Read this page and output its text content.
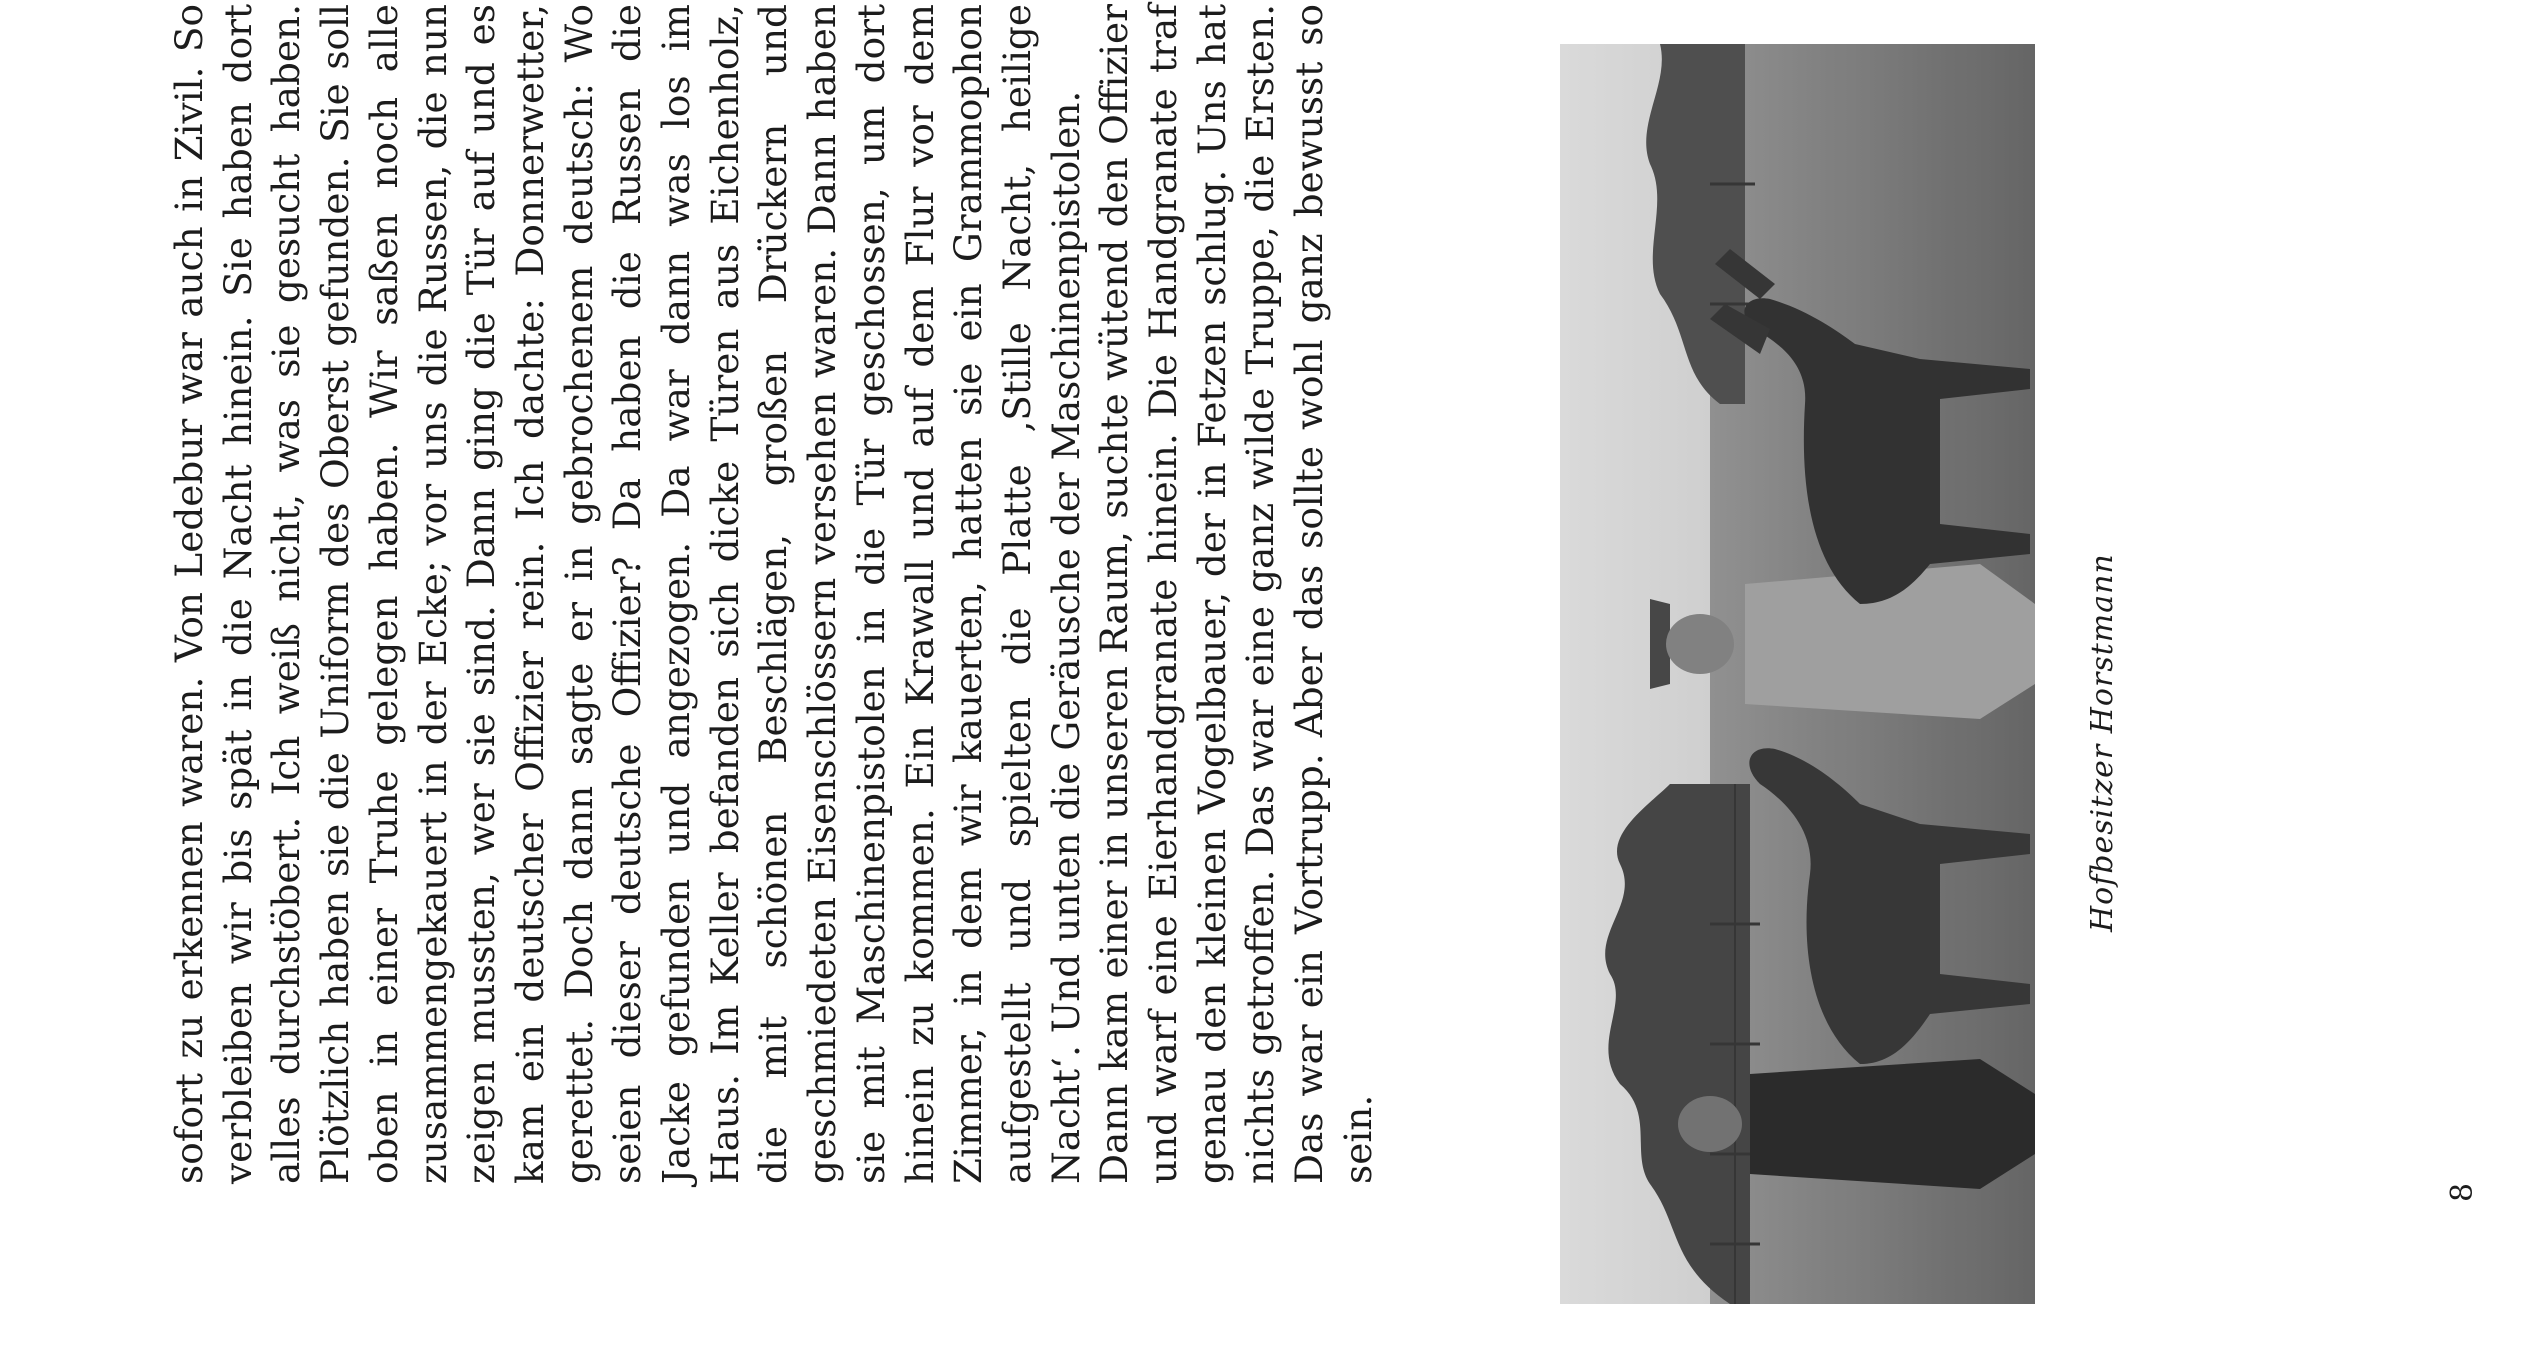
sofort zu erkennen waren. Von Ledebur war auch in Zivil. So verbleiben wir bis spät in die Nacht hinein. Sie haben dort alles durchstöbert. Ich weiß nicht, was sie gesucht haben. Plötzlich haben sie die Uniform des Oberst gefunden. Sie soll oben in einer Truhe gelegen haben. Wir saßen noch alle zusammengekauert in der Ecke; vor uns die Russen, die nun zeigen mussten, wer sie sind. Dann ging die Tür auf und es kam ein deutscher Offizier rein. Ich dachte: Donnerwetter, gerettet. Doch dann sagte er in gebrochenem deutsch: Wo seien dieser deutsche Offizier? Da haben die Russen die Jacke gefunden und angezogen. Da war dann was los im Haus. Im Keller befanden sich dicke Türen aus Eichenholz, die mit schönen Beschlägen, großen Drückern und geschmiedeten Eisenschlössern versehen waren. Dann haben sie mit Maschinenpistolen in die Tür geschossen, um dort hinein zu kommen. Ein Krawall und auf dem Flur vor dem Zimmer, in dem wir kauerten, hatten sie ein Grammophon aufgestellt und spielten die Platte ‚Stille Nacht, heilige Nacht‘. Und unten die Geräusche der Maschinenpistolen. Dann kam einer in unseren Raum, suchte wütend den Offizier und warf eine Eierhandgranate hinein. Die Handgranate traf genau den kleinen Vogelbauer, der in Fetzen schlug. Uns hat nichts getroffen. Das war eine ganz wilde Truppe, die Ersten. Das war ein Vortrupp. Aber das sollte wohl ganz bewusst so sein.

Hofbesitzer Horstmann
8
